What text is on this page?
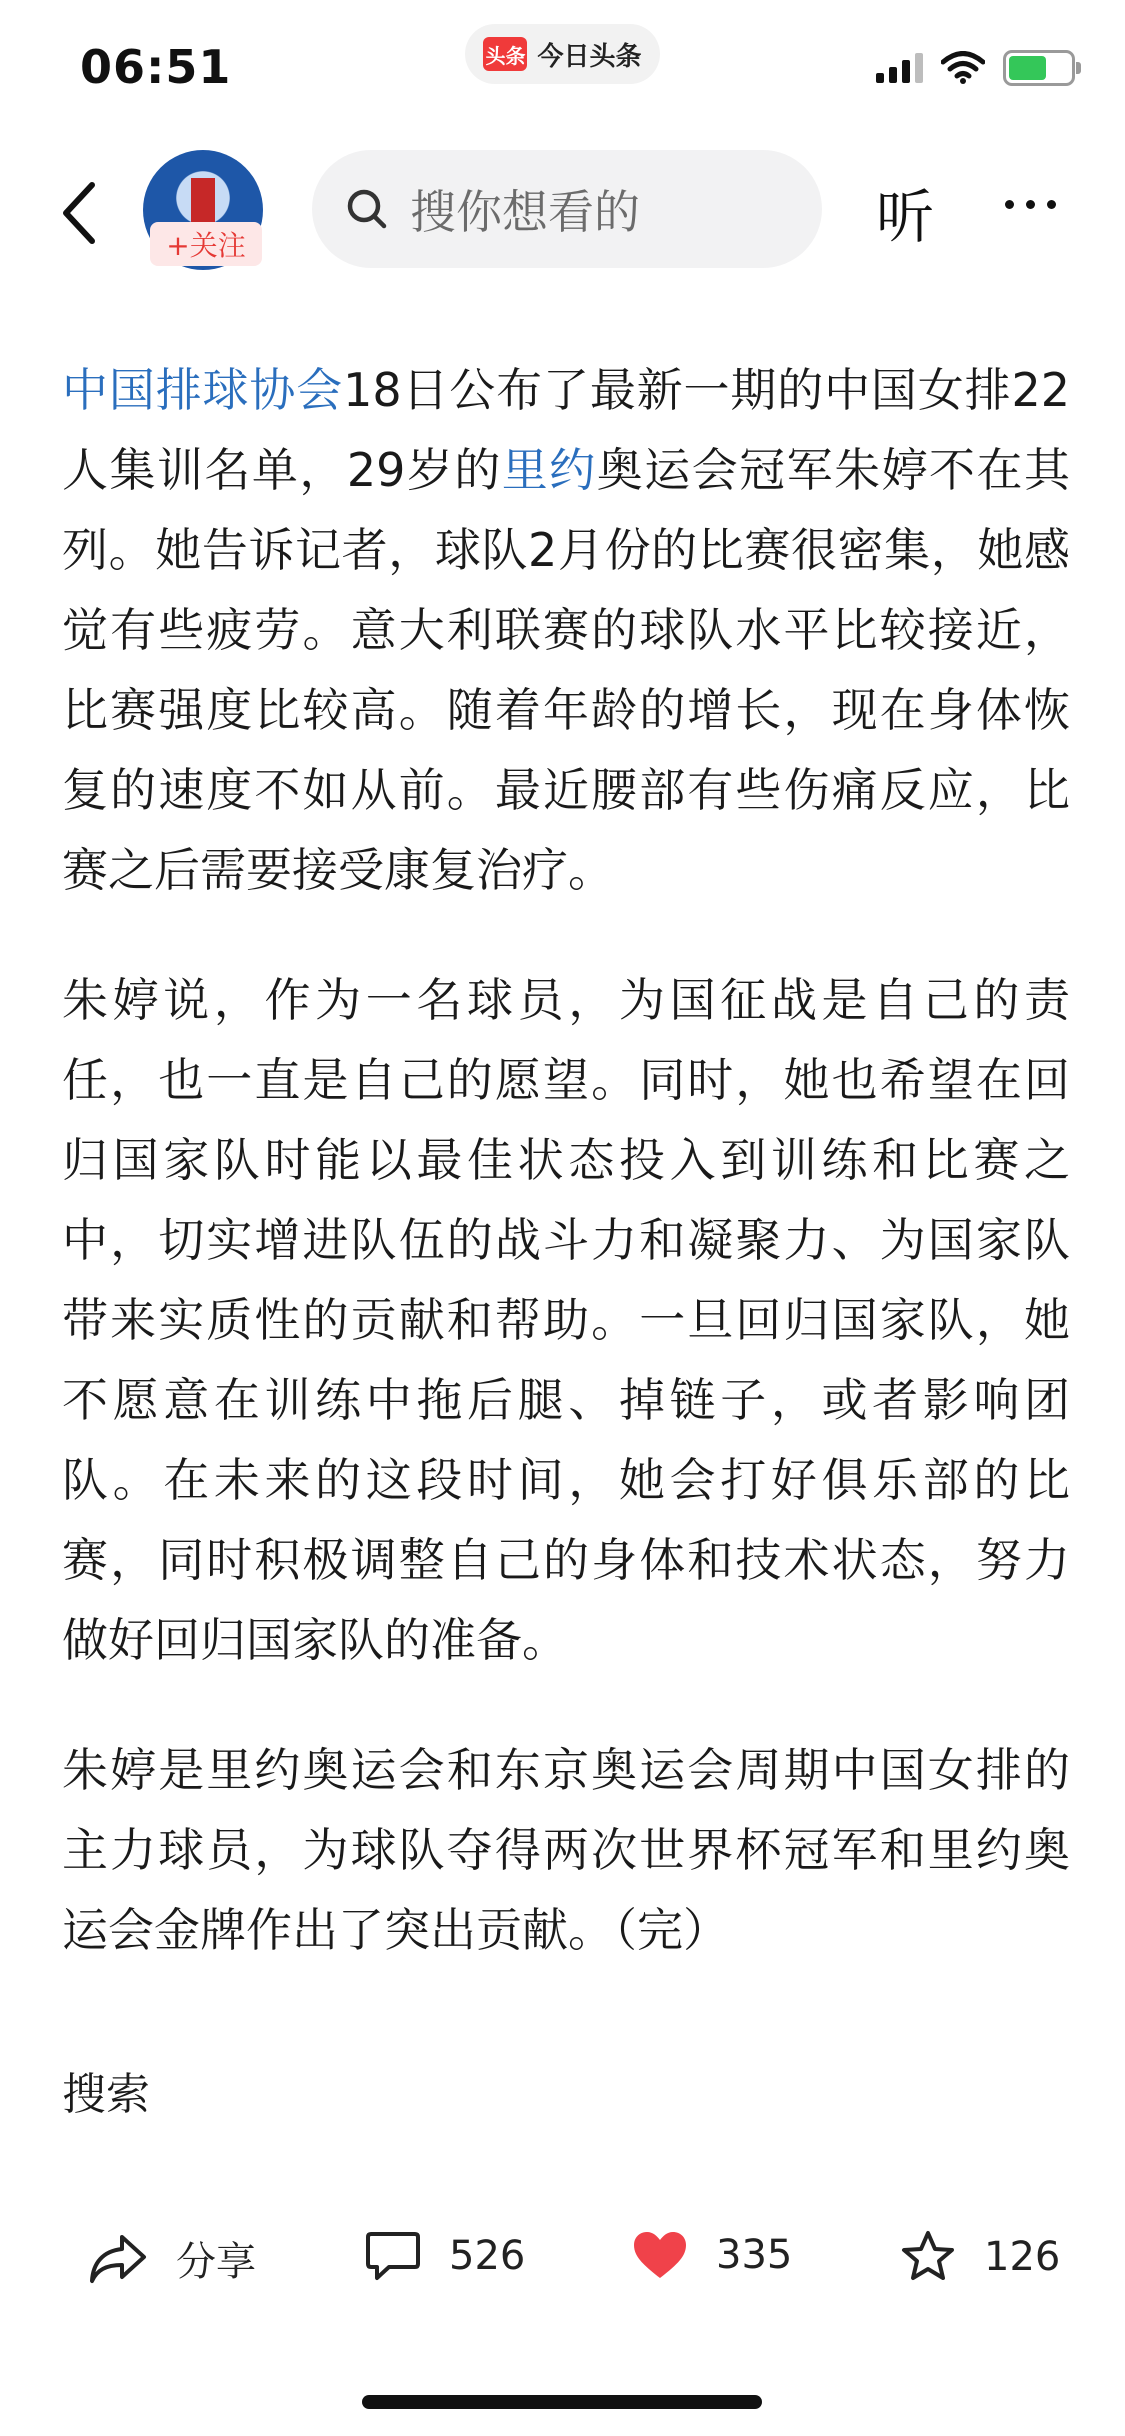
06:51	头条 今日头条
+关注
搜你想看的	听

中国排球协会18日公布了最新一期的中国女排22人集训名单，29岁的里约奥运会冠军朱婷不在其列。她告诉记者，球队2月份的比赛很密集，她感觉有些疲劳。意大利联赛的球队水平比较接近，比赛强度比较高。随着年龄的增长，现在身体恢复的速度不如从前。最近腰部有些伤痛反应，比赛之后需要接受康复治疗。

朱婷说，作为一名球员，为国征战是自己的责任，也一直是自己的愿望。同时，她也希望在回归国家队时能以最佳状态投入到训练和比赛之中，切实增进队伍的战斗力和凝聚力、为国家队带来实质性的贡献和帮助。一旦回归国家队，她不愿意在训练中拖后腿、掉链子，或者影响团队。在未来的这段时间，她会打好俱乐部的比赛，同时积极调整自己的身体和技术状态，努力做好回归国家队的准备。

朱婷是里约奥运会和东京奥运会周期中国女排的主力球员，为球队夺得两次世界杯冠军和里约奥运会金牌作出了突出贡献。（完）

搜索
分享	526	335	126
